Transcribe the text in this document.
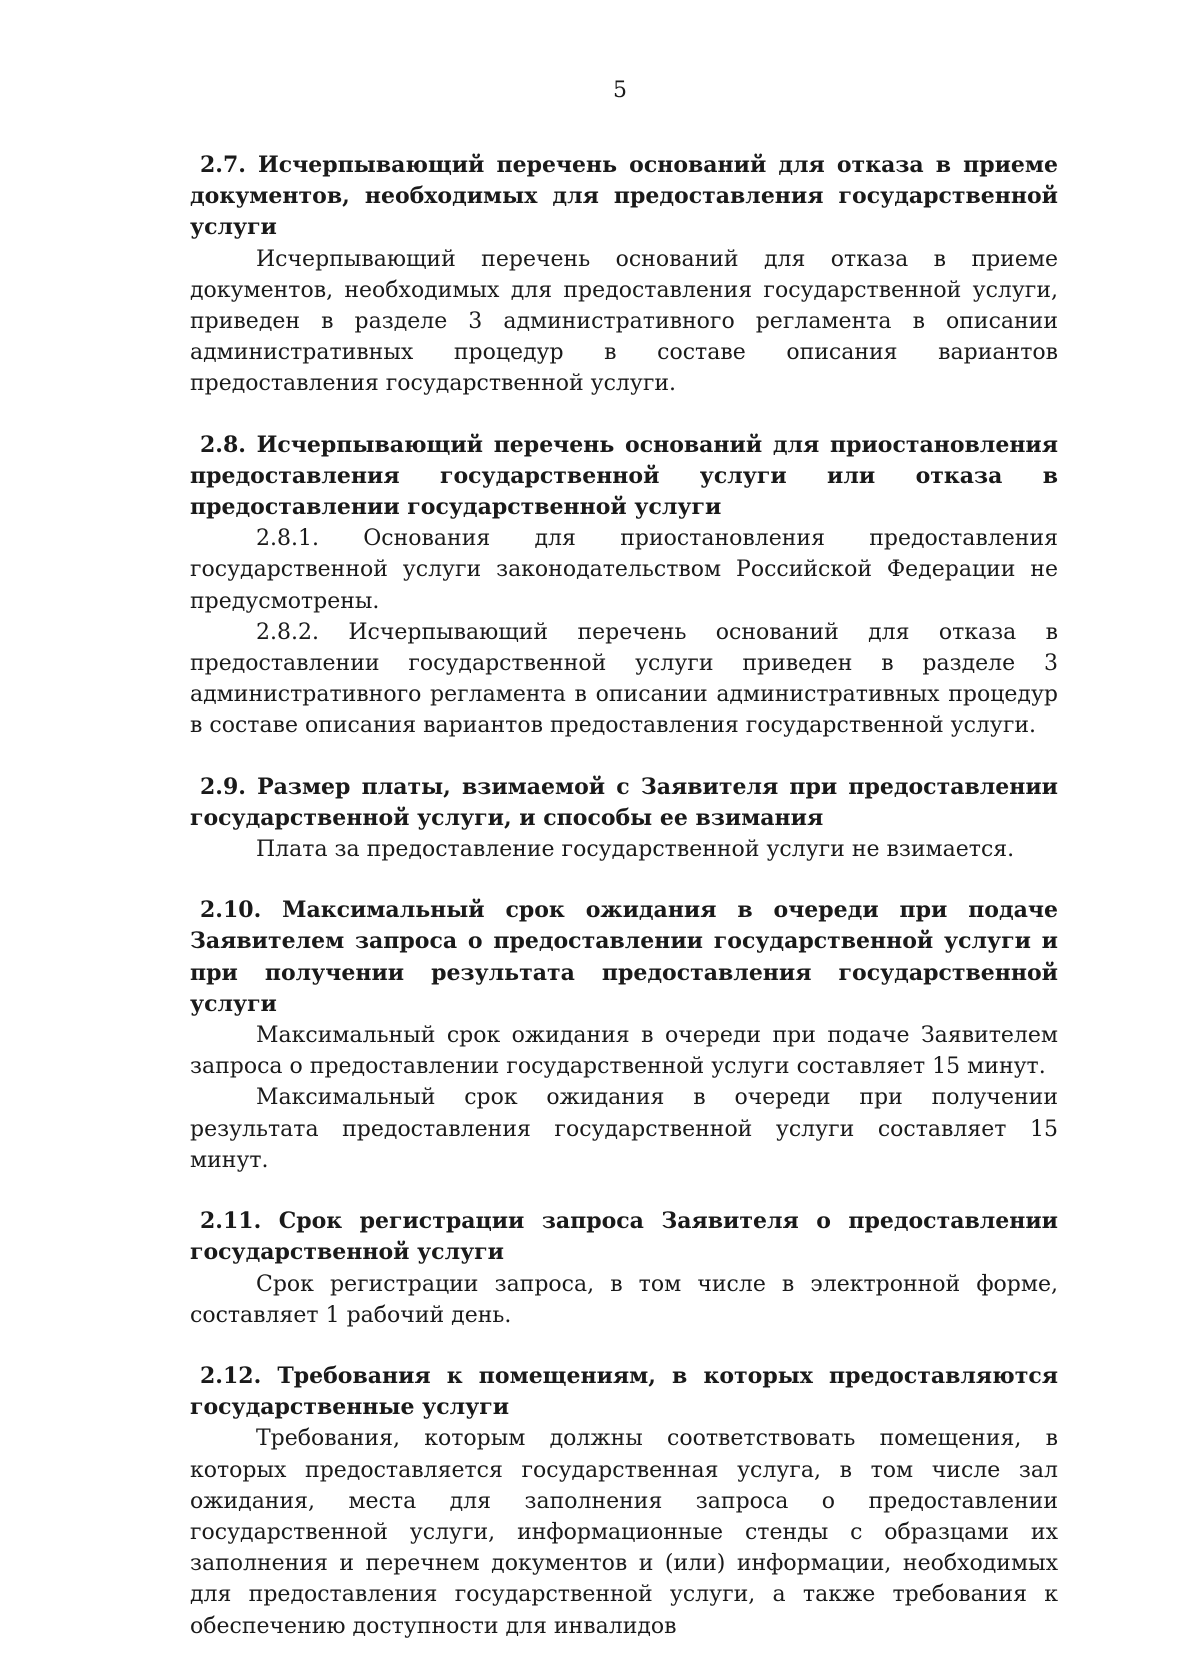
5

2.7. Исчерпывающий перечень оснований для отказа в приеме документов, необходимых для предоставления государственной услуги

Исчерпывающий перечень оснований для отказа в приеме документов, необходимых для предоставления государственной услуги, приведен в разделе 3 административного регламента в описании административных процедур в составе описания вариантов предоставления государственной услуги.

2.8. Исчерпывающий перечень оснований для приостановления предоставления государственной услуги или отказа в предоставлении государственной услуги

2.8.1. Основания для приостановления предоставления государственной услуги законодательством Российской Федерации не предусмотрены.

2.8.2. Исчерпывающий перечень оснований для отказа в предоставлении государственной услуги приведен в разделе 3 административного регламента в описании административных процедур в составе описания вариантов предоставления государственной услуги.

2.9. Размер платы, взимаемой с Заявителя при предоставлении государственной услуги, и способы ее взимания

Плата за предоставление государственной услуги не взимается.

2.10. Максимальный срок ожидания в очереди при подаче Заявителем запроса о предоставлении государственной услуги и при получении результата предоставления государственной услуги

Максимальный срок ожидания в очереди при подаче Заявителем запроса о предоставлении государственной услуги составляет 15 минут.

Максимальный срок ожидания в очереди при получении результата предоставления государственной услуги составляет 15 минут.

2.11. Срок регистрации запроса Заявителя о предоставлении государственной услуги

Срок регистрации запроса, в том числе в электронной форме, составляет 1 рабочий день.

2.12. Требования к помещениям, в которых предоставляются государственные услуги

Требования, которым должны соответствовать помещения, в которых предоставляется государственная услуга, в том числе зал ожидания, места для заполнения запроса о предоставлении государственной услуги, информационные стенды с образцами их заполнения и перечнем документов и (или) информации, необходимых для предоставления государственной услуги, а также требования к обеспечению доступности для инвалидов
